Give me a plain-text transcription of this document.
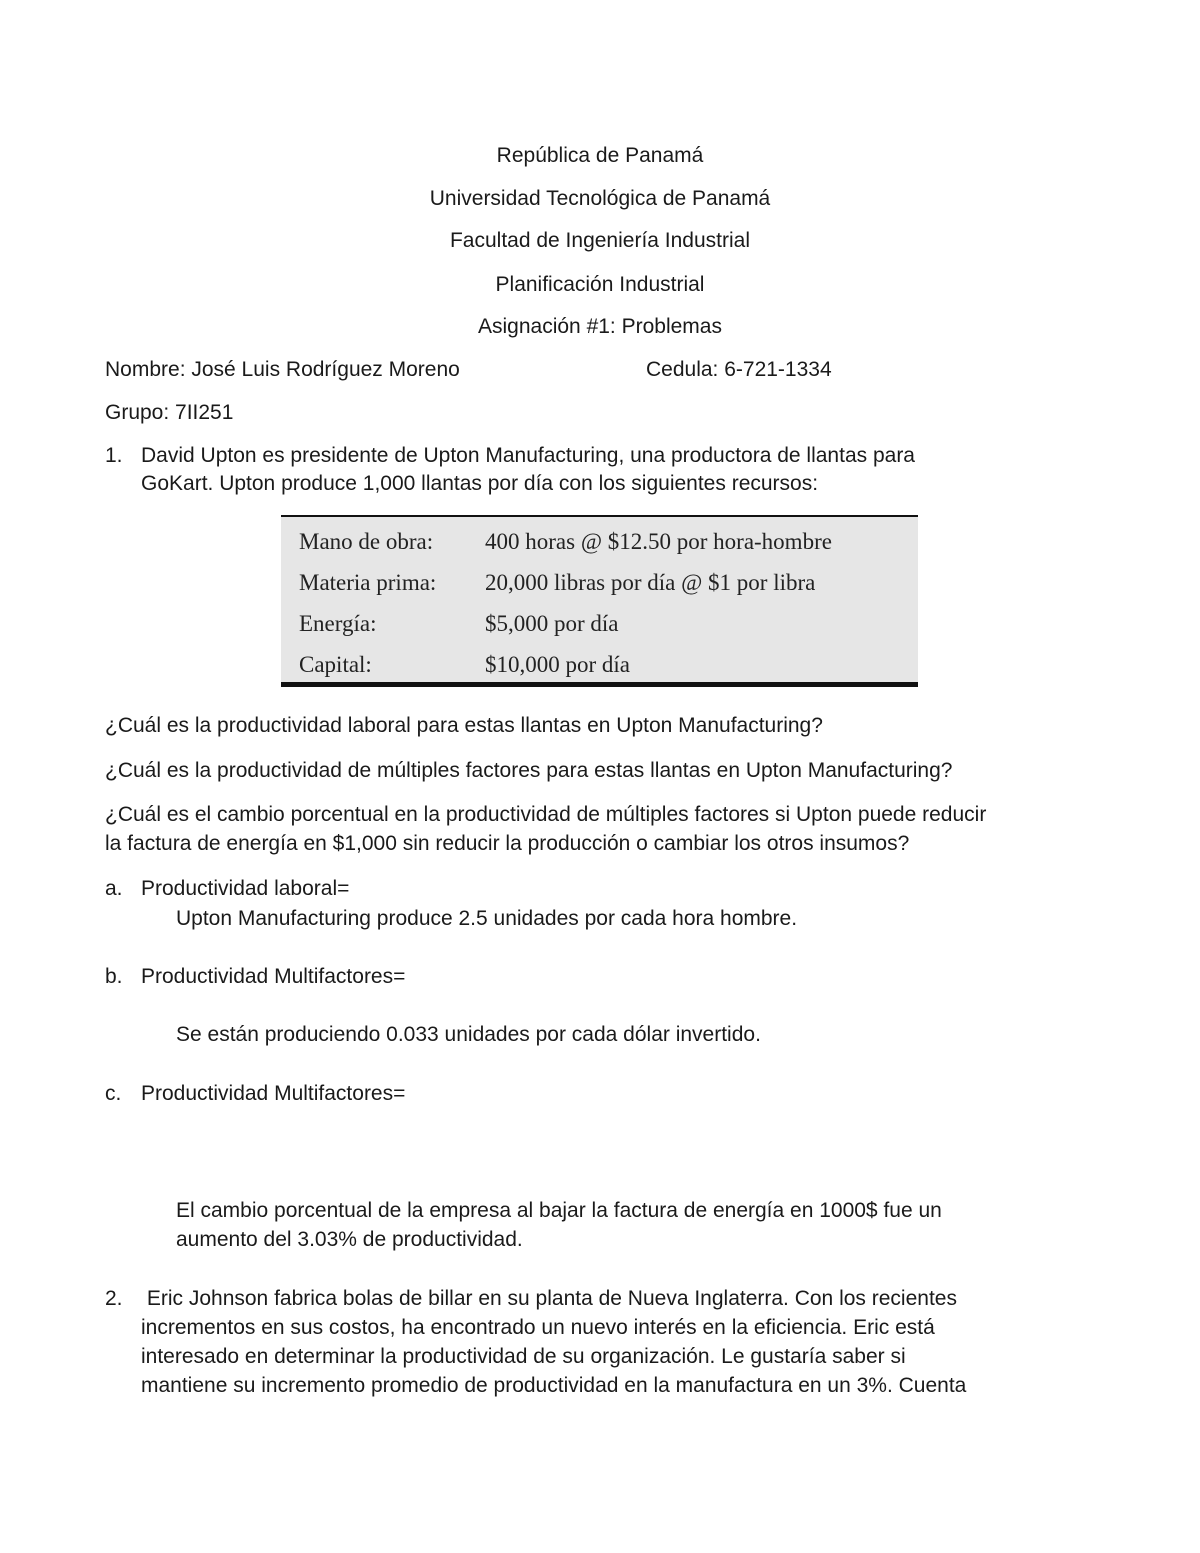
República de Panamá
Universidad Tecnológica de Panamá
Facultad de Ingeniería Industrial
Planificación Industrial
Asignación #1: Problemas
Nombre: José Luis Rodríguez Moreno	Cedula: 6-721-1334
Grupo: 7II251
1. David Upton es presidente de Upton Manufacturing, una productora de llantas para
GoKart. Upton produce 1,000 llantas por día con los siguientes recursos:
Mano de obra:	400 horas @ $12.50 por hora-hombre
Materia prima:	20,000 libras por día @ $1 por libra
Energía:	$5,000 por día
Capital:	$10,000 por día
¿Cuál es la productividad laboral para estas llantas en Upton Manufacturing?
¿Cuál es la productividad de múltiples factores para estas llantas en Upton Manufacturing?
¿Cuál es el cambio porcentual en la productividad de múltiples factores si Upton puede reducir
la factura de energía en $1,000 sin reducir la producción o cambiar los otros insumos?
a. Productividad laboral=
Upton Manufacturing produce 2.5 unidades por cada hora hombre.
b. Productividad Multifactores=
Se están produciendo 0.033 unidades por cada dólar invertido.
c. Productividad Multifactores=
El cambio porcentual de la empresa al bajar la factura de energía en 1000$ fue un
aumento del 3.03% de productividad.
2. Eric Johnson fabrica bolas de billar en su planta de Nueva Inglaterra. Con los recientes
incrementos en sus costos, ha encontrado un nuevo interés en la eficiencia. Eric está
interesado en determinar la productividad de su organización. Le gustaría saber si
mantiene su incremento promedio de productividad en la manufactura en un 3%. Cuenta
